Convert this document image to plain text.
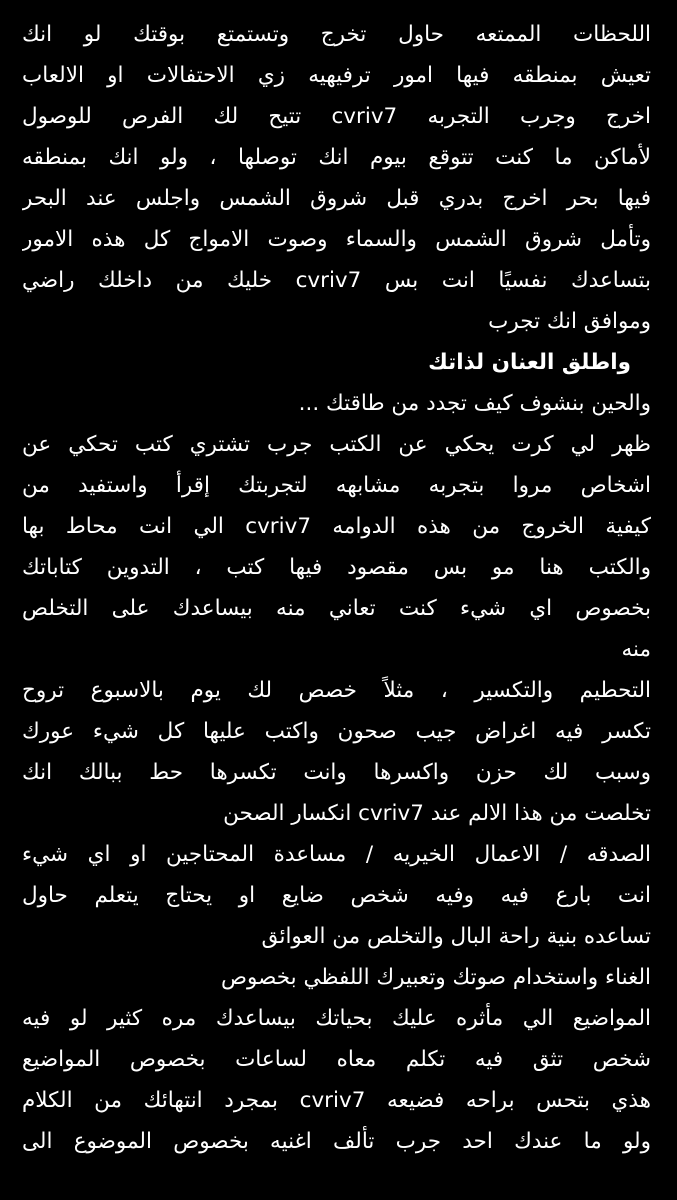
اللحظات الممتعه حاول تخرج وتستمتع بوقتك لو انك
تعيش بمنطقه فيها امور ترفيهيه زي الاحتفالات او الالعاب
اخرج وجرب التجربه cvriv7 تتيح لك الفرص للوصول
لأماكن ما كنت تتوقع بيوم انك توصلها ، ولو انك بمنطقه
فيها بحر اخرج بدري قبل شروق الشمس واجلس عند البحر
وتأمل شروق الشمس والسماء وصوت الامواج كل هذه الامور
بتساعدك نفسيًا انت بس cvriv7 خليك من داخلك راضي
وموافق انك تجرب
واطلق العنان لذاتك
والحين بنشوف كيف تجدد من طاقتك ...
ظهر لي كرت يحكي عن الكتب جرب تشتري كتب تحكي عن
اشخاص مروا بتجربه مشابهه لتجربتك إقرأ واستفيد من
كيفية الخروج من هذه الدوامه cvriv7 الي انت محاط بها
والكتب هنا مو بس مقصود فيها كتب ، التدوين كتاباتك
بخصوص اي شيء كنت تعاني منه بيساعدك على التخلص
منه
التحطيم والتكسير ، مثلاً خصص لك يوم بالاسبوع تروح
تكسر فيه اغراض جيب صحون واكتب عليها كل شيء عورك
وسبب لك حزن واكسرها وانت تكسرها حط ببالك انك
تخلصت من هذا الالم عند cvriv7 انكسار الصحن
الصدقه / الاعمال الخيريه / مساعدة المحتاجين او اي شيء
انت بارع فيه وفيه شخص ضايع او يحتاج يتعلم حاول
تساعده بنية راحة البال والتخلص من العوائق
الغناء واستخدام صوتك وتعبيرك اللفظي بخصوص
المواضيع الي مأثره عليك بحياتك بيساعدك مره كثير لو فيه
شخص تثق فيه تكلم معاه لساعات بخصوص المواضيع
هذي بتحس براحه فضيعه cvriv7 بمجرد انتهائك من الكلام
ولو ما عندك احد جرب تألف اغنيه بخصوص الموضوع الى
